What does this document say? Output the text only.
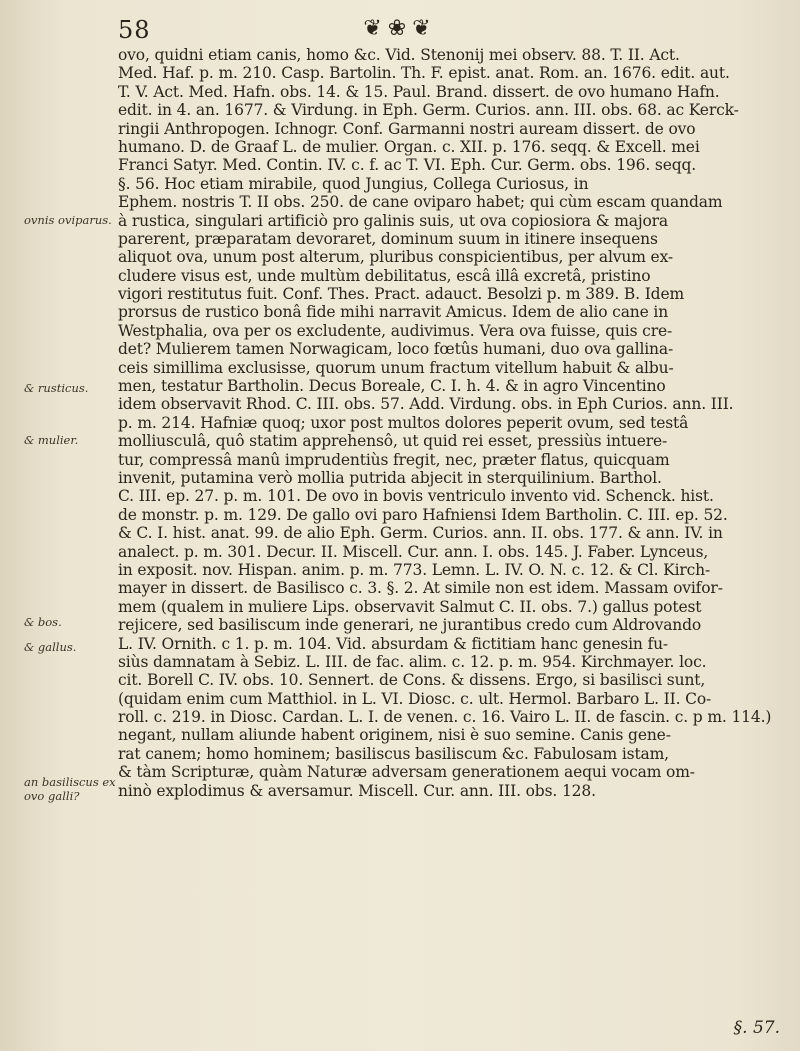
58	❦❀❦
ovnis oviparus.
& rusticus.
& mulier.
& bos.
& gallus.
an basiliscus ex ovo galli?
ovo, quidni etiam canis, homo &c. Vid. Stenonij mei observ. 88. T. II. Act.
Med. Haf. p. m. 210. Casp. Bartolin. Th. F. epist. anat. Rom. an. 1676. edit. aut.
T. V. Act. Med. Hafn. obs. 14. & 15. Paul. Brand. dissert. de ovo humano Hafn.
edit. in 4. an. 1677. & Virdung. in Eph. Germ. Curios. ann. III. obs. 68. ac Kerck-
ringii Anthropogen. Ichnogr. Conf. Garmanni nostri auream dissert. de ovo
humano. D. de Graaf L. de mulier. Organ. c. XII. p. 176. seqq. & Excell. mei
Franci Satyr. Med. Contin. IV. c. f. ac T. VI. Eph. Cur. Germ. obs. 196. seqq.
§. 56. Hoc etiam mirabile, quod Jungius, Collega Curiosus, in
Ephem. nostris T. II obs. 250. de cane oviparo habet; qui cùm escam quandam
à rustica, singulari artificiò pro galinis suis, ut ova copiosiora & majora
parerent, præparatam devoraret, dominum suum in itinere insequens
aliquot ova, unum post alterum, pluribus conspicientibus, per alvum ex-
cludere visus est, unde multùm debilitatus, escâ illâ excretâ, pristino
vigori restitutus fuit. Conf. Thes. Pract. adauct. Besolzi p. m 389. B. Idem
prorsus de rustico bonâ fide mihi narravit Amicus. Idem de alio cane in
Westphalia, ova per os excludente, audivimus. Vera ova fuisse, quis cre-
det? Mulierem tamen Norwagicam, loco fœtûs humani, duo ova gallina-
ceis simillima exclusisse, quorum unum fractum vitellum habuit & albu-
men, testatur Bartholin. Decus Boreale, C. I. h. 4. & in agro Vincentino
idem observavit Rhod. C. III. obs. 57. Add. Virdung. obs. in Eph Curios. ann. III.
p. m. 214. Hafniæ quoq; uxor post multos dolores peperit ovum, sed testâ
molliusculâ, quô statim apprehensô, ut quid rei esset, pressiùs intuere-
tur, compressâ manû imprudentiùs fregit, nec, præter flatus, quicquam
invenit, putamina verò mollia putrida abjecit in sterquilinium. Barthol.
C. III. ep. 27. p. m. 101. De ovo in bovis ventriculo invento vid. Schenck. hist.
de monstr. p. m. 129. De gallo ovi paro Hafniensi Idem Bartholin. C. III. ep. 52.
& C. I. hist. anat. 99. de alio Eph. Germ. Curios. ann. II. obs. 177. & ann. IV. in
analect. p. m. 301. Decur. II. Miscell. Cur. ann. I. obs. 145. J. Faber. Lynceus,
in exposit. nov. Hispan. anim. p. m. 773. Lemn. L. IV. O. N. c. 12. & Cl. Kirch-
mayer in dissert. de Basilisco c. 3. §. 2. At simile non est idem. Massam ovifor-
mem (qualem in muliere Lips. observavit Salmut C. II. obs. 7.) gallus potest
rejicere, sed basiliscum inde generari, ne jurantibus credo cum Aldrovando
L. IV. Ornith. c 1. p. m. 104. Vid. absurdam & fictitiam hanc genesin fu-
siùs damnatam à Sebiz. L. III. de fac. alim. c. 12. p. m. 954. Kirchmayer. loc.
cit. Borell C. IV. obs. 10. Sennert. de Cons. & dissens. Ergo, si basilisci sunt,
(quidam enim cum Matthiol. in L. VI. Diosc. c. ult. Hermol. Barbaro L. II. Co-
roll. c. 219. in Diosc. Cardan. L. I. de venen. c. 16. Vairo L. II. de fascin. c. p m. 114.)
negant, nullam aliunde habent originem, nisi è suo semine. Canis gene-
rat canem; homo hominem; basiliscus basiliscum &c. Fabulosam istam,
& tàm Scripturæ, quàm Naturæ adversam generationem aequi vocam om-
ninò explodimus & aversamur. Miscell. Cur. ann. III. obs. 128.
§. 57.
